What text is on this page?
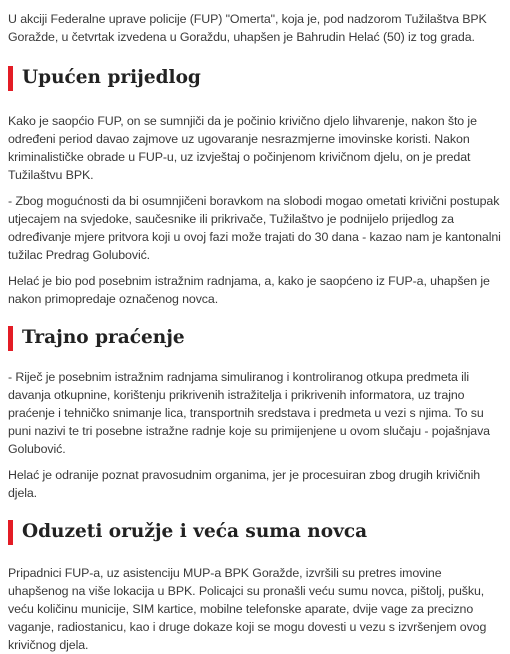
U akciji Federalne uprave policije (FUP) "Omerta", koja je, pod nadzorom Tužilaštva BPK Goražde, u četvrtak izvedena u Goraždu, uhapšen je Bahrudin Helać (50) iz tog grada.

Upućen prijedlog

Kako je saopćio FUP, on se sumnjiči da je počinio krivično djelo lihvarenje, nakon što je određeni period davao zajmove uz ugovaranje nesrazmjerne imovinske koristi. Nakon kriminalističke obrade u FUP-u, uz izvještaj o počinjenom krivičnom djelu, on je predat Tužilaštvu BPK.

- Zbog mogućnosti da bi osumnjičeni boravkom na slobodi mogao ometati krivični postupak utjecajem na svjedoke, saučesnike ili prikrivače, Tužilaštvo je podnijelo prijedlog za određivanje mjere pritvora koji u ovoj fazi može trajati do 30 dana - kazao nam je kantonalni tužilac Predrag Golubović.

Helać je bio pod posebnim istražnim radnjama, a, kako je saopćeno iz FUP-a, uhapšen je nakon primopredaje označenog novca.

Trajno praćenje

- Riječ je posebnim istražnim radnjama simuliranog i kontroliranog otkupa predmeta ili davanja otkupnine, korištenju prikrivenih istražitelja i prikrivenih informatora, uz trajno praćenje i tehničko snimanje lica, transportnih sredstava i predmeta u vezi s njima. To su puni nazivi te tri posebne istražne radnje koje su primijenjene u ovom slučaju - pojašnjava Golubović.

Helać je odranije poznat pravosudnim organima, jer je procesuiran zbog drugih krivičnih djela.

Oduzeti oružje i veća suma novca

Pripadnici FUP-a, uz asistenciju MUP-a BPK Goražde, izvršili su pretres imovine uhapšenog na više lokacija u BPK. Policajci su pronašli veću sumu novca, pištolj, pušku, veću količinu municije, SIM kartice, mobilne telefonske aparate, dvije vage za precizno vaganje, radiostanicu, kao i druge dokaze koji se mogu dovesti u vezu s izvršenjem ovog krivičnog djela.
